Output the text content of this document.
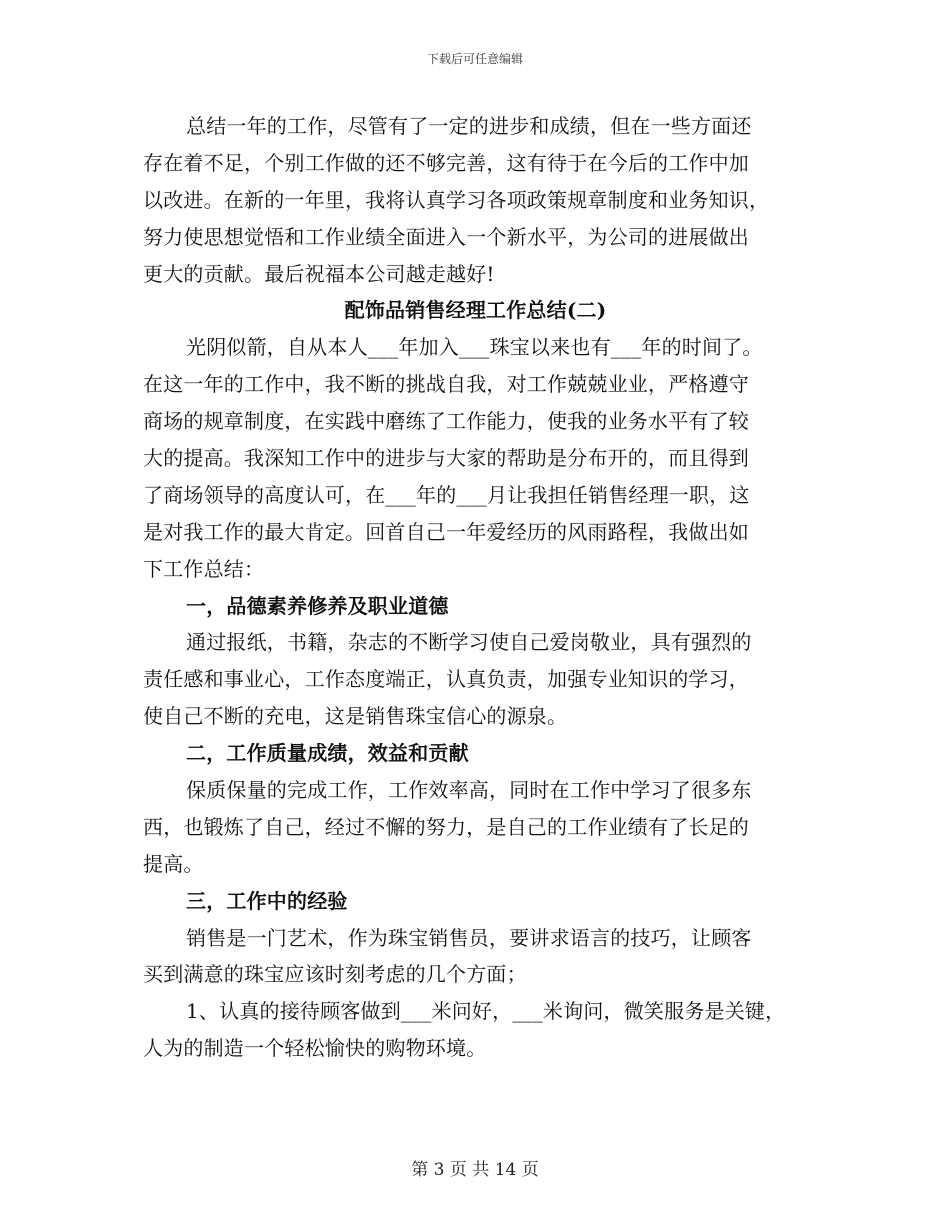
下载后可任意编辑
总结一年的工作，尽管有了一定的进步和成绩，但在一些方面还
存在着不足，个别工作做的还不够完善，这有待于在今后的工作中加
以改进。在新的一年里，我将认真学习各项政策规章制度和业务知识，
努力使思想觉悟和工作业绩全面进入一个新水平，为公司的进展做出
更大的贡献。最后祝福本公司越走越好!
配饰品销售经理工作总结(二)
光阴似箭，自从本人___年加入___珠宝以来也有___年的时间了。
在这一年的工作中，我不断的挑战自我，对工作兢兢业业，严格遵守
商场的规章制度，在实践中磨练了工作能力，使我的业务水平有了较
大的提高。我深知工作中的进步与大家的帮助是分布开的，而且得到
了商场领导的高度认可，在___年的___月让我担任销售经理一职，这
是对我工作的最大肯定。回首自己一年爱经历的风雨路程，我做出如
下工作总结：
一，品德素养修养及职业道德
通过报纸，书籍，杂志的不断学习使自己爱岗敬业，具有强烈的
责任感和事业心，工作态度端正，认真负责，加强专业知识的学习，
使自己不断的充电，这是销售珠宝信心的源泉。
二，工作质量成绩，效益和贡献
保质保量的完成工作，工作效率高，同时在工作中学习了很多东
西，也锻炼了自己，经过不懈的努力，是自己的工作业绩有了长足的
提高。
三，工作中的经验
销售是一门艺术，作为珠宝销售员，要讲求语言的技巧，让顾客
买到满意的珠宝应该时刻考虑的几个方面；
1、认真的接待顾客做到___米问好，___米询问，微笑服务是关键，
人为的制造一个轻松愉快的购物环境。
第 3 页 共 14 页
